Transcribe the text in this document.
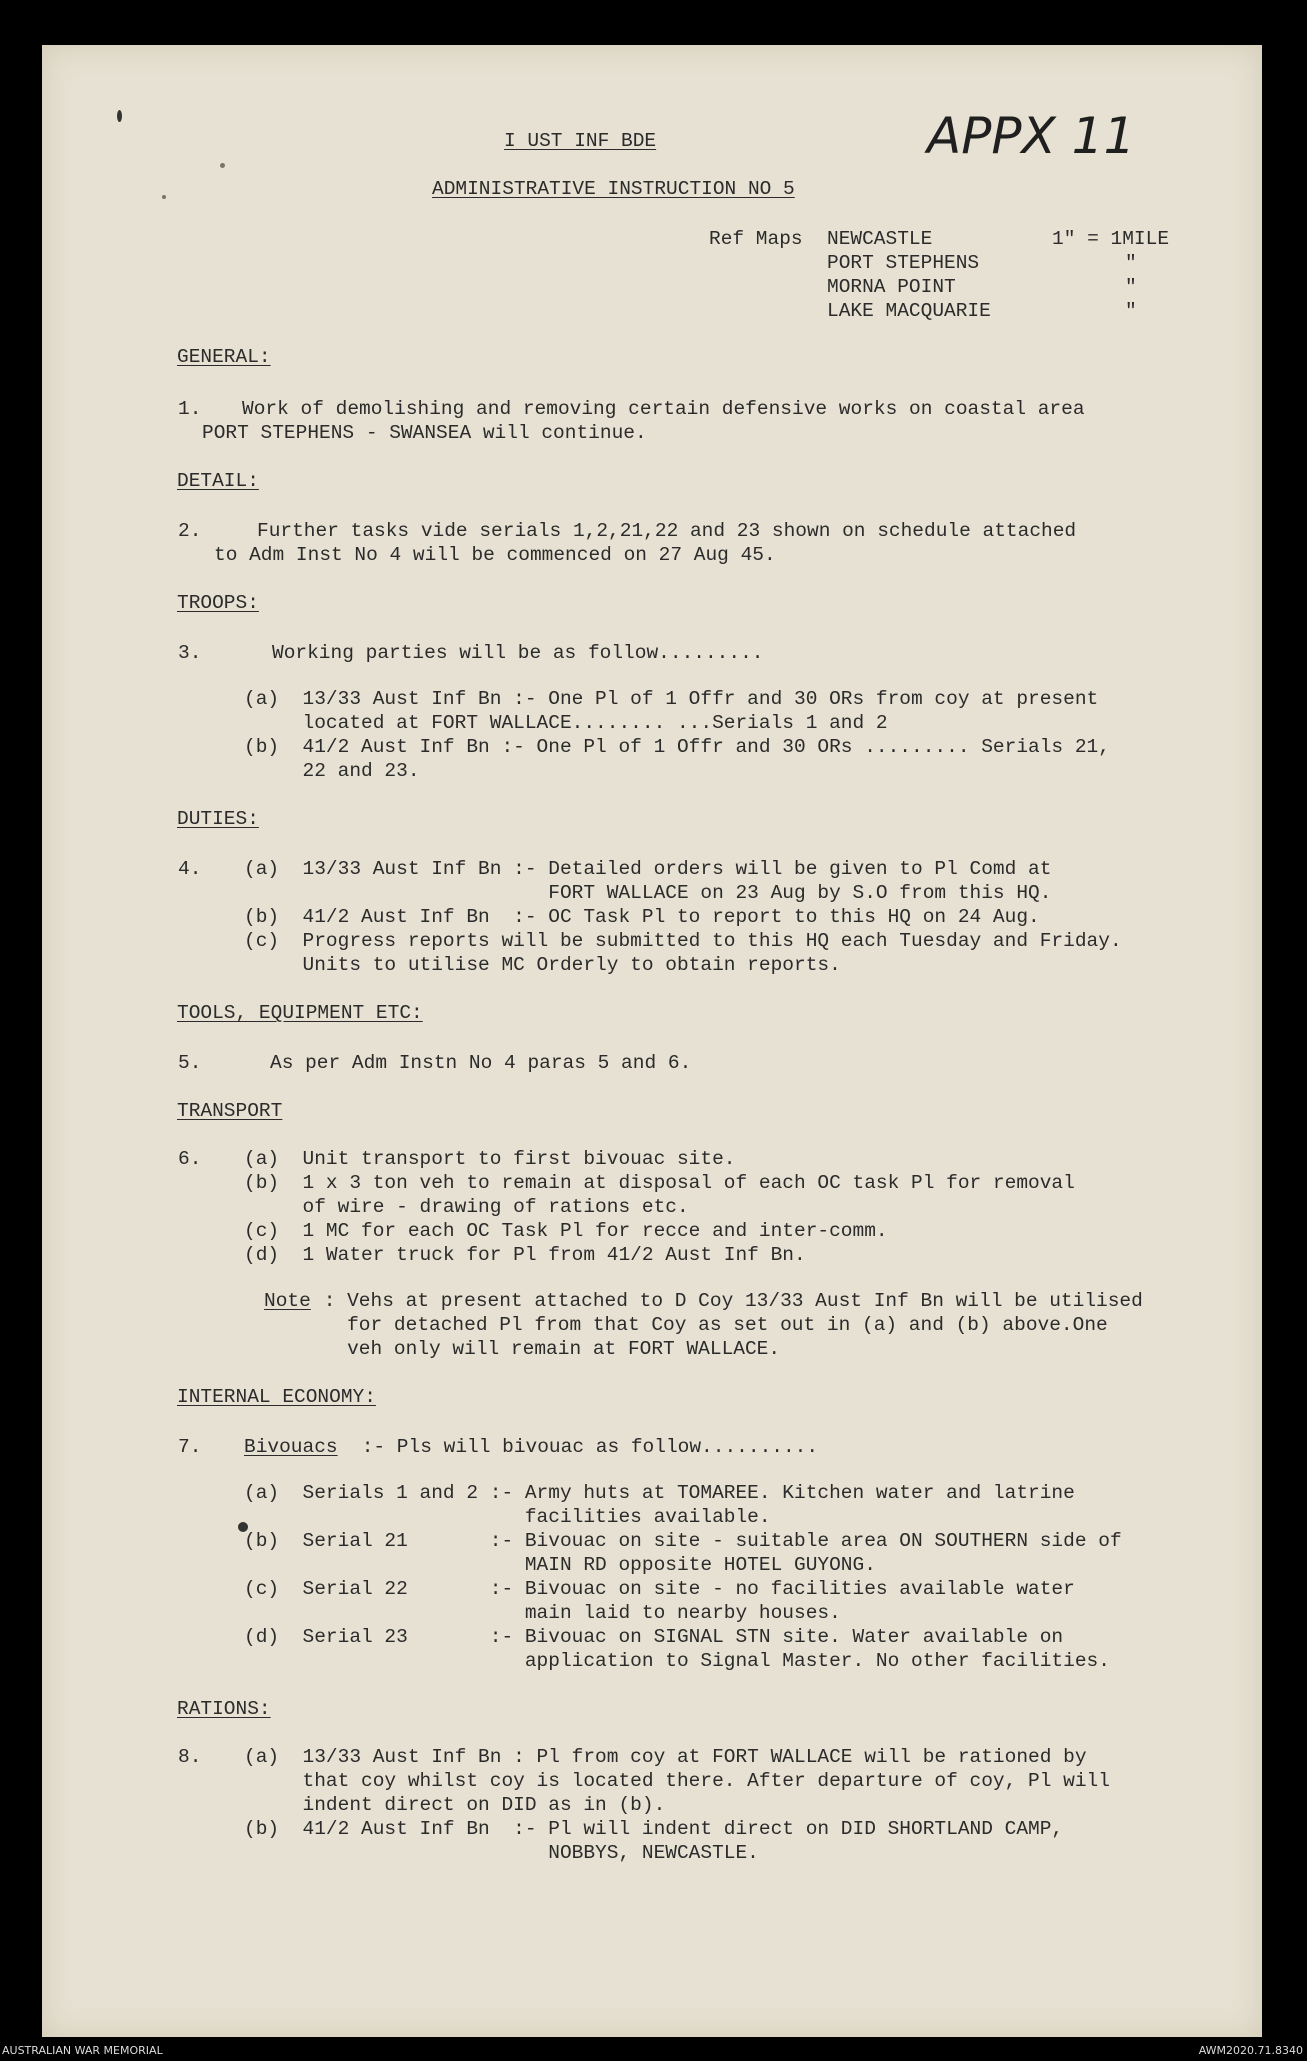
I UST INF BDE	APPX 11
ADMINISTRATIVE INSTRUCTION NO 5
Ref Maps NEWCASTLE	1" = 1MILE
PORT STEPHENS	"
MORNA POINT	"
LAKE MACQUARIE	"
GENERAL:
1. Work of demolishing and removing certain defensive works on coastal area
PORT STEPHENS - SWANSEA will continue.
DETAIL:
2.	Further tasks vide serials 1,2,21,22 and 23 shown on schedule attached
to Adm Inst No 4 will be commenced on 27 Aug 45.
TROOPS:
3.	Working parties will be as follow.........
(a)  13/33 Aust Inf Bn :- One Pl of 1 Offr and 30 ORs from coy at present
located at FORT WALLACE........ ...Serials 1 and 2
(b)  41/2 Aust Inf Bn :- One Pl of 1 Offr and 30 ORs ......... Serials 21,
22 and 23.
DUTIES:
4. (a)  13/33 Aust Inf Bn :- Detailed orders will be given to Pl Comd at
FORT WALLACE on 23 Aug by S.O from this HQ.
(b)  41/2 Aust Inf Bn  :- OC Task Pl to report to this HQ on 24 Aug.
(c)  Progress reports will be submitted to this HQ each Tuesday and Friday.
Units to utilise MC Orderly to obtain reports.
TOOLS, EQUIPMENT ETC:
5.	As per Adm Instn No 4 paras 5 and 6.
TRANSPORT
6. (a)  Unit transport to first bivouac site.
(b)  1 x 3 ton veh to remain at disposal of each OC task Pl for removal
of wire - drawing of rations etc.
(c)  1 MC for each OC Task Pl for recce and inter-comm.
(d)  1 Water truck for Pl from 41/2 Aust Inf Bn.
Note : Vehs at present attached to D Coy 13/33 Aust Inf Bn will be utilised
for detached Pl from that Coy as set out in (a) and (b) above.One
veh only will remain at FORT WALLACE.
INTERNAL ECONOMY:
7. Bivouacs :- Pls will bivouac as follow..........
(a)  Serials 1 and 2 :- Army huts at TOMAREE. Kitchen water and latrine
facilities available.
(b)  Serial 21       :- Bivouac on site - suitable area ON SOUTHERN side of
MAIN RD opposite HOTEL GUYONG.
(c)  Serial 22       :- Bivouac on site - no facilities available water
main laid to nearby houses.
(d)  Serial 23       :- Bivouac on SIGNAL STN site. Water available on
application to Signal Master. No other facilities.
RATIONS:
8. (a)  13/33 Aust Inf Bn : Pl from coy at FORT WALLACE will be rationed by
that coy whilst coy is located there. After departure of coy, Pl will
indent direct on DID as in (b).
(b)  41/2 Aust Inf Bn  :- Pl will indent direct on DID SHORTLAND CAMP,
NOBBYS, NEWCASTLE.
AUSTRALIAN WAR MEMORIAL	AWM2020.71.8340
